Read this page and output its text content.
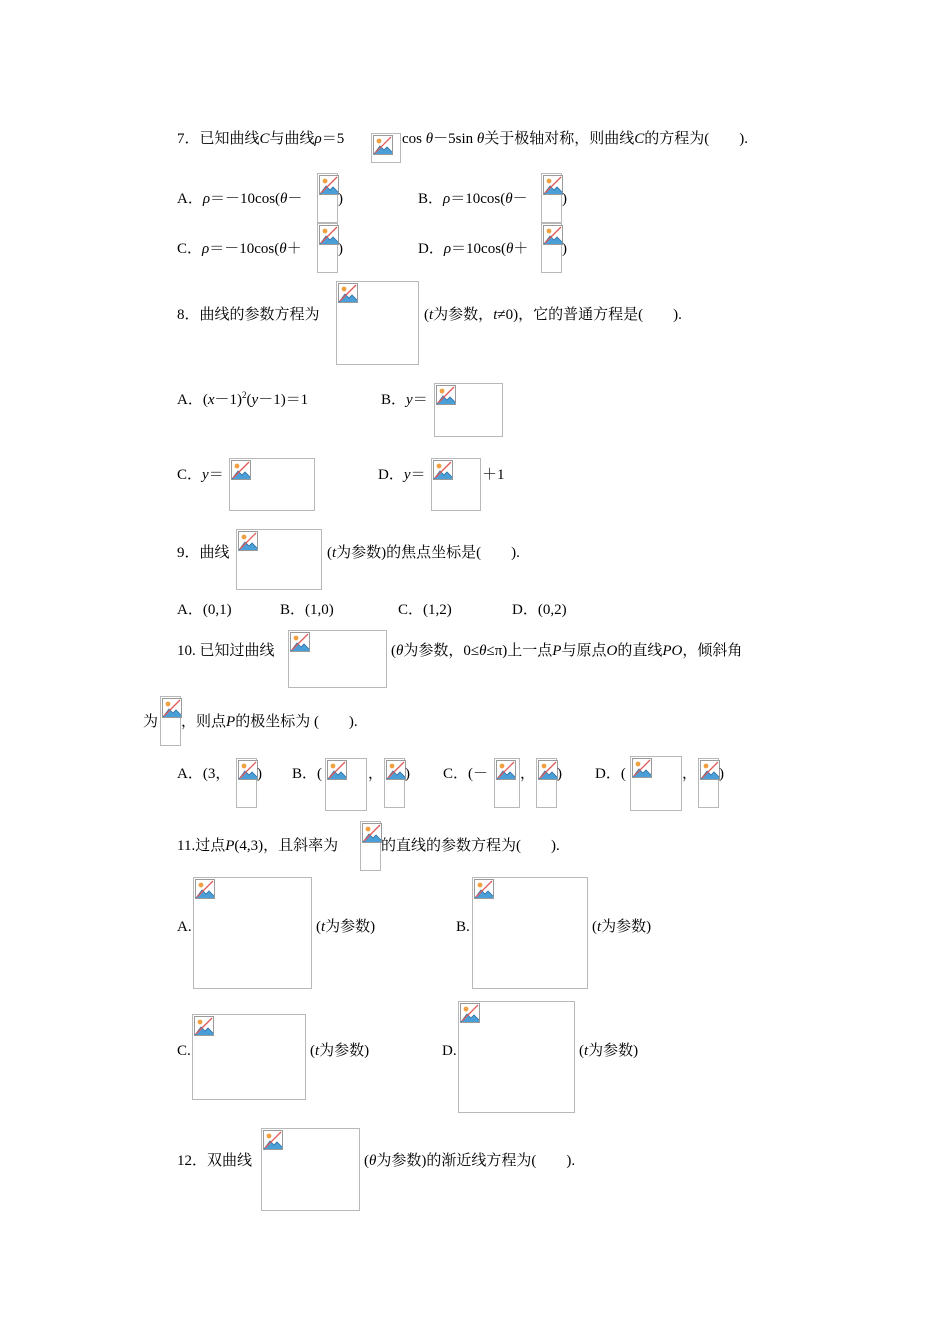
7．已知曲线C与曲线ρ＝5	cos θ－5sin θ关于极轴对称，则曲线C的方程为(　　).
A．ρ＝－10cos(θ－ )	B．ρ＝10cos(θ－ )
C．ρ＝－10cos(θ＋ )	D．ρ＝10cos(θ＋ )
8．曲线的参数方程为	(t为参数，t≠0)，它的普通方程是(　　).
A．$(x-1)^2(y-1)=1$	B．y＝
C．y＝	D．y＝	＋1
9．曲线	(t为参数)的焦点坐标是(　　).
A．(0,1)	B．(1,0)	C．(1,2)	D．(0,2)
10. 已知过曲线	(θ为参数，0≤θ≤π)上一点P与原点O的直线PO，倾斜角
为 ，则点P的极坐标为 (　　).
A．(3， ) B．(	， ) C．(－ ， ) D．(	， )
11.过点P(4,3)，且斜率为	的直线的参数方程为(　　).
A.	(t为参数)	B.	(t为参数)
C.	(t为参数)	D.	(t为参数)
12．双曲线	(θ为参数)的渐近线方程为(　　).
